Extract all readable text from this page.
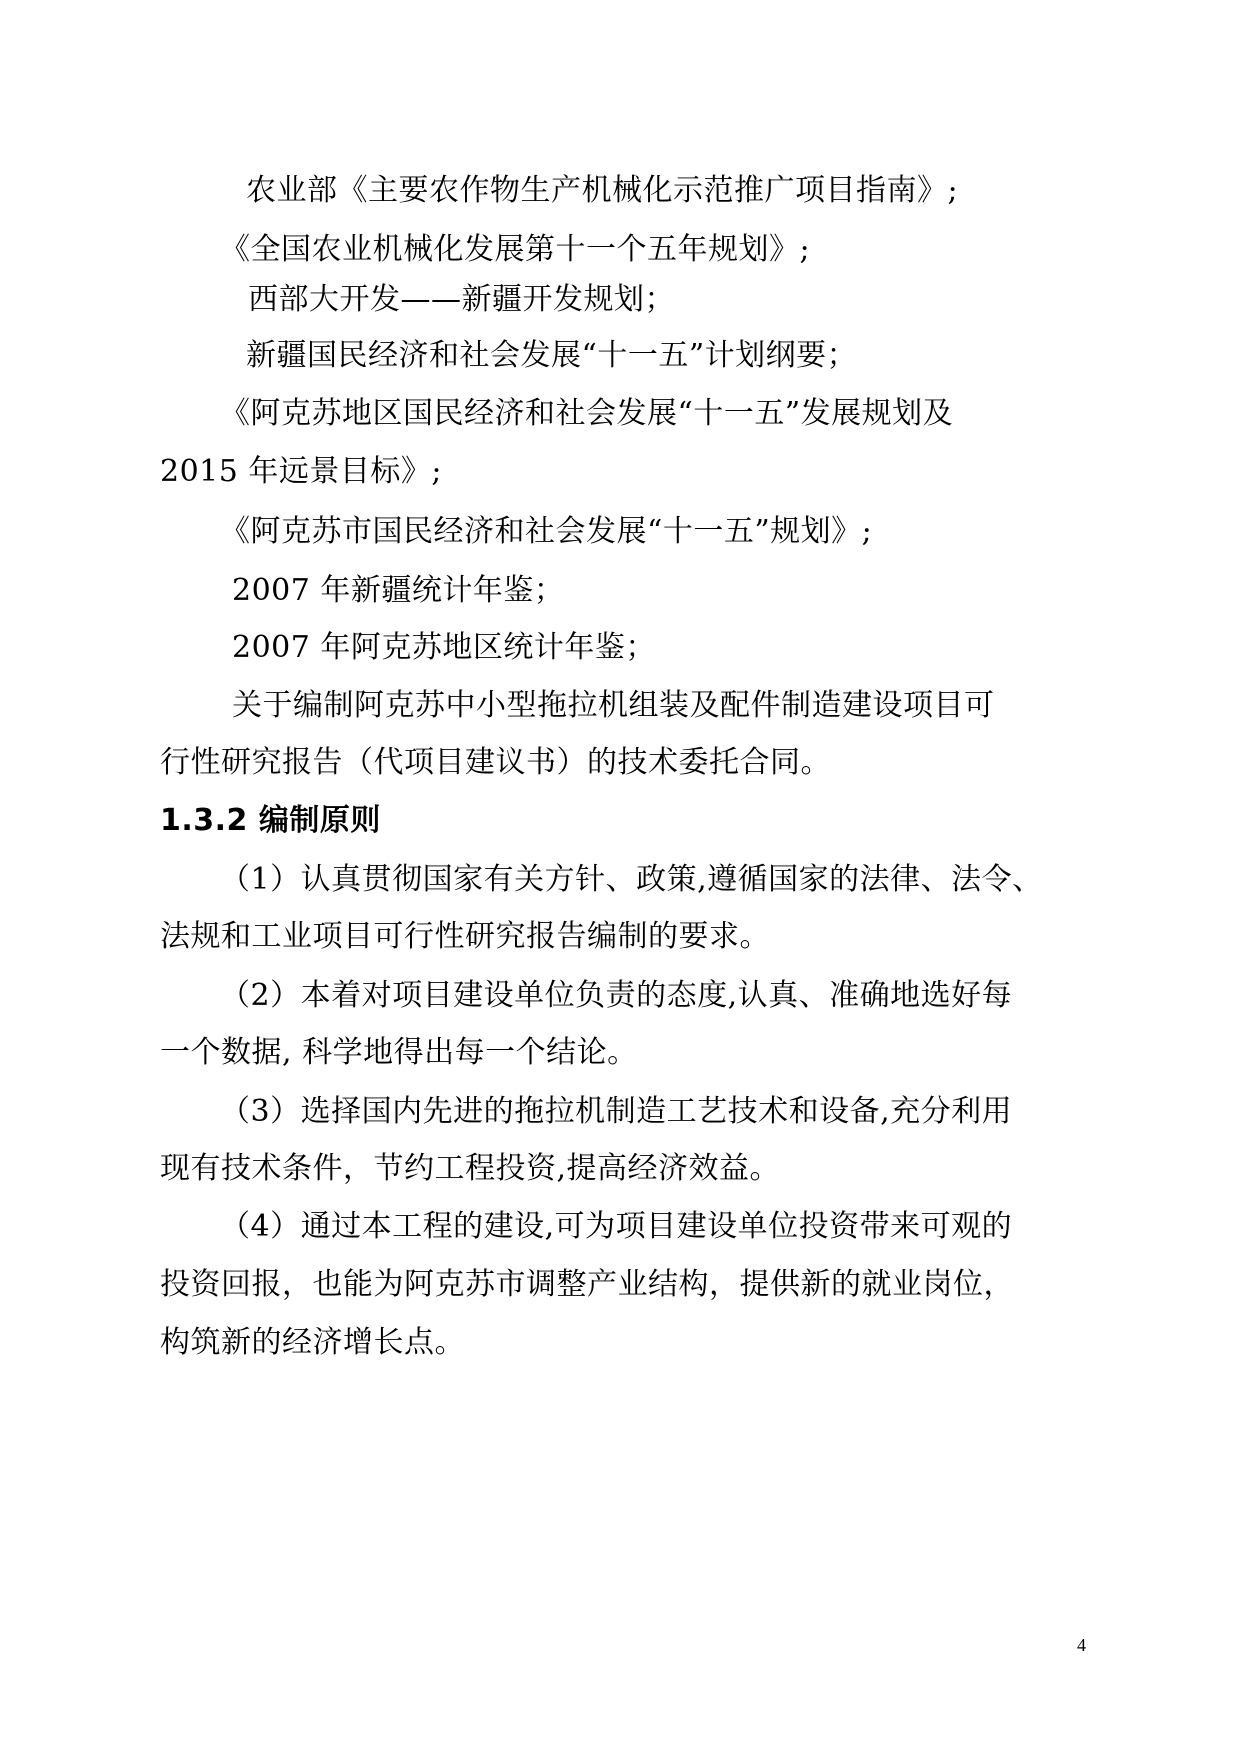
农业部《主要农作物生产机械化示范推广项目指南》;
《全国农业机械化发展第十一个五年规划》;
西部大开发——新疆开发规划；
新疆国民经济和社会发展“十一五”计划纲要；
《阿克苏地区国民经济和社会发展“十一五”发展规划及
2015 年远景目标》;
《阿克苏市国民经济和社会发展“十一五”规划》;
2007 年新疆统计年鉴；
2007 年阿克苏地区统计年鉴；
关于编制阿克苏中小型拖拉机组装及配件制造建设项目可
行性研究报告（代项目建议书）的技术委托合同。
1.3.2 编制原则
（1）认真贯彻国家有关方针、政策,遵循国家的法律、法令、
法规和工业项目可行性研究报告编制的要求。
（2）本着对项目建设单位负责的态度,认真、准确地选好每
一个数据, 科学地得出每一个结论。
（3）选择国内先进的拖拉机制造工艺技术和设备,充分利用
现有技术条件，节约工程投资,提高经济效益。
（4）通过本工程的建设,可为项目建设单位投资带来可观的
投资回报，也能为阿克苏市调整产业结构，提供新的就业岗位，
构筑新的经济增长点。
4
